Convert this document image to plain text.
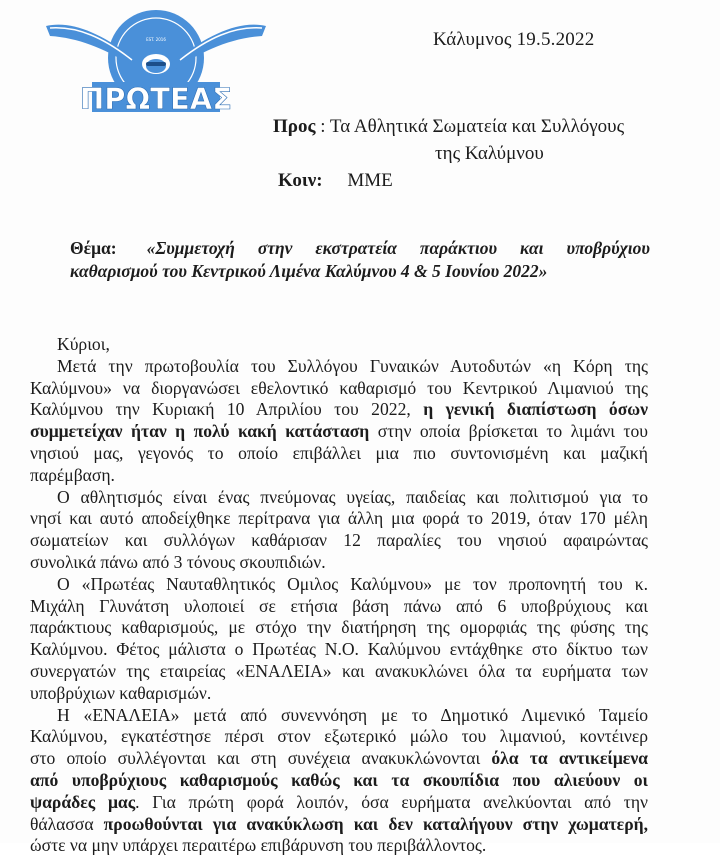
ΠΡΩΤΕΑΣ
EST. 2016	Κάλυμνος 19.5.2022
Προς : Τα Αθλητικά Σωματεία και Συλλόγους
της Καλύμνου
Κοιν: ΜΜΕ
Θέμα: «Συμμετοχή στην εκστρατεία παράκτιου και υποβρύχιου
καθαρισμού του Κεντρικού Λιμένα Καλύμνου 4 & 5 Ιουνίου 2022»
Κύριοι,
Μετά την πρωτοβουλία του Συλλόγου Γυναικών Αυτοδυτών «η Κόρη της
Καλύμνου» να διοργανώσει εθελοντικό καθαρισμό του Κεντρικού Λιμανιού της
Καλύμνου την Κυριακή 10 Απριλίου του 2022, η γενική διαπίστωση όσων
συμμετείχαν ήταν η πολύ κακή κατάσταση στην οποία βρίσκεται το λιμάνι του
νησιού μας, γεγονός το οποίο επιβάλλει μια πιο συντονισμένη και μαζική
παρέμβαση.
Ο αθλητισμός είναι ένας πνεύμονας υγείας, παιδείας και πολιτισμού για το
νησί και αυτό αποδείχθηκε περίτρανα για άλλη μια φορά το 2019, όταν 170 μέλη
σωματείων και συλλόγων καθάρισαν 12 παραλίες του νησιού αφαιρώντας
συνολικά πάνω από 3 τόνους σκουπιδιών.
Ο «Πρωτέας Ναυταθλητικός Ομιλος Καλύμνου» με τον προπονητή του κ.
Μιχάλη Γλυνάτση υλοποιεί σε ετήσια βάση πάνω από 6 υποβρύχιους και
παράκτιους καθαρισμούς, με στόχο την διατήρηση της ομορφιάς της φύσης της
Καλύμνου. Φέτος μάλιστα ο Πρωτέας Ν.Ο. Καλύμνου εντάχθηκε στο δίκτυο των
συνεργατών της εταιρείας «ΕΝΑΛΕΙΑ» και ανακυκλώνει όλα τα ευρήματα των
υποβρύχιων καθαρισμών.
Η «ΕΝΑΛΕΙΑ» μετά από συνεννόηση με το Δημοτικό Λιμενικό Ταμείο
Καλύμνου, εγκατέστησε πέρσι στον εξωτερικό μώλο του λιμανιού, κοντέινερ
στο οποίο συλλέγονται και στη συνέχεια ανακυκλώνονται όλα τα αντικείμενα
από υποβρύχιους καθαρισμούς καθώς και τα σκουπίδια που αλιεύουν οι
ψαράδες μας. Για πρώτη φορά λοιπόν, όσα ευρήματα ανελκύονται από την
θάλασσα προωθούνται για ανακύκλωση και δεν καταλήγουν στην χωματερή,
ώστε να μην υπάρχει περαιτέρω επιβάρυνση του περιβάλλοντος.
